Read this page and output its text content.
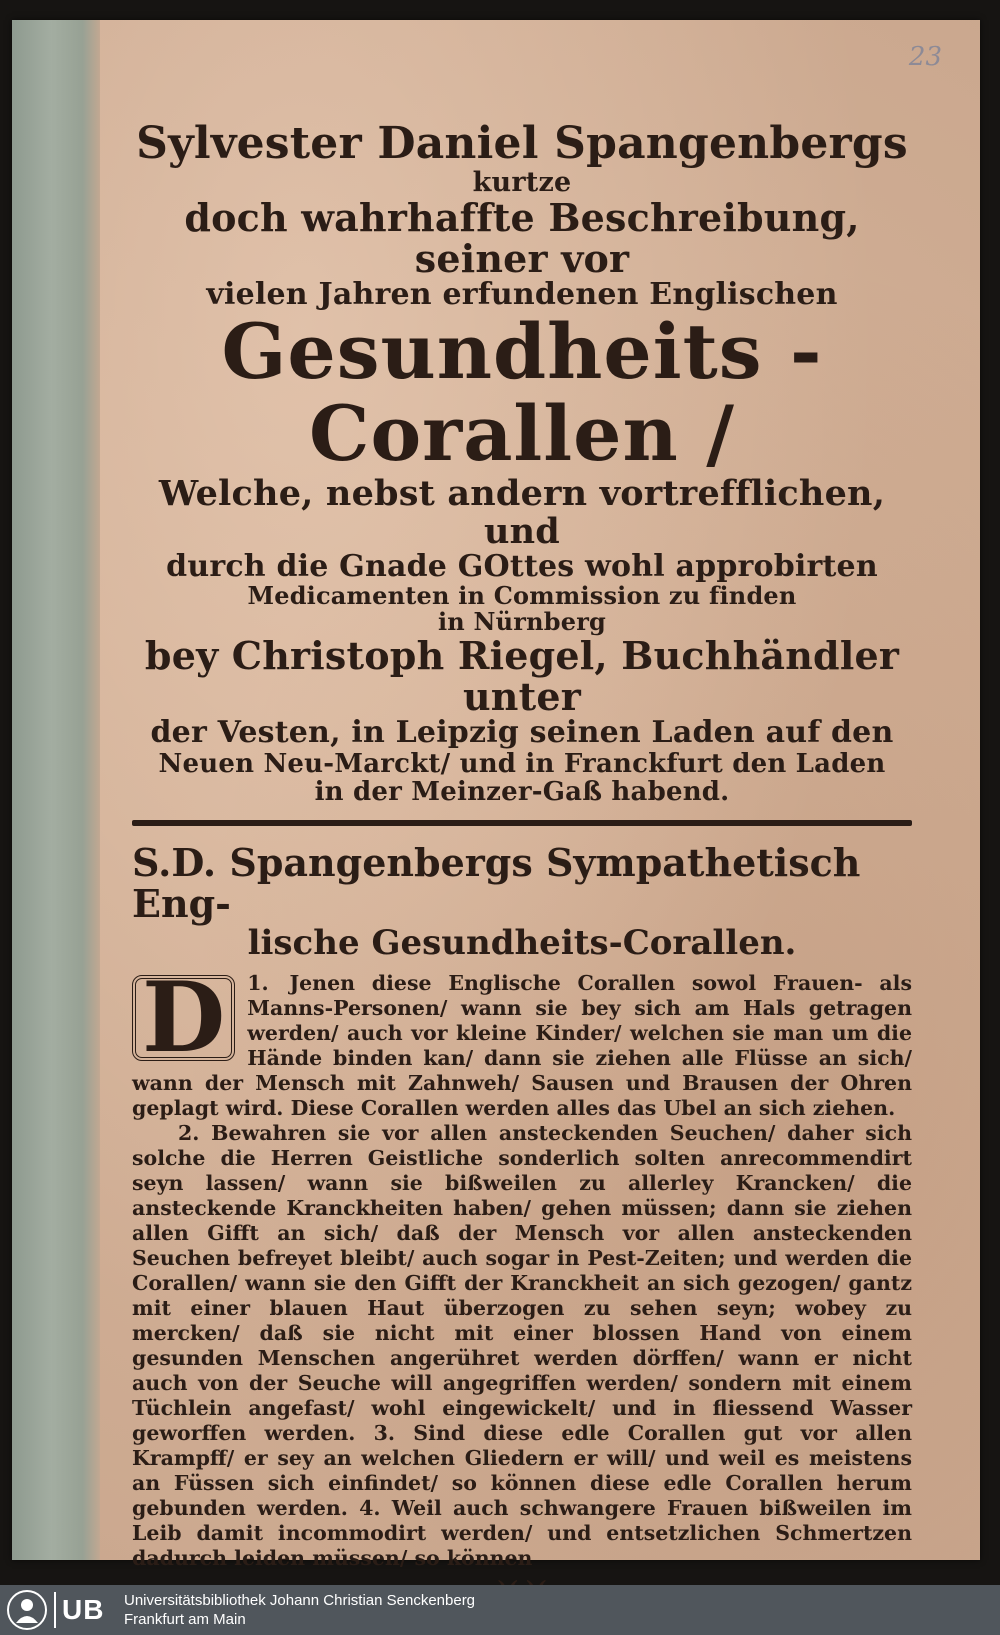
23

Sylvester Daniel Spangenbergs

kurtze

doch wahrhaffte Beschreibung, seiner vor

vielen Jahren erfundenen Englischen

Gesundheits - Corallen /

Welche, nebst andern vortrefflichen, und

durch die Gnade GOttes wohl approbirten

Medicamenten in Commission zu finden

in Nürnberg

bey Christoph Riegel, Buchhändler unter

der Vesten, in Leipzig seinen Laden auf den

Neuen Neu-Marckt/ und in Franckfurt den Laden

in der Meinzer-Gaß habend.

S.D. Spangenbergs Sympathetisch Eng-

lische Gesundheits-Corallen.

1.
D	Jenen diese Englische Corallen sowol Frauen- als Manns-Personen/ wann sie bey sich am Hals getragen werden/ auch vor kleine Kinder/ welchen sie man um die Hände binden kan/ dann sie ziehen alle Flüsse an sich/ wann der Mensch mit Zahnweh/ Sausen und Brausen der Ohren geplagt wird. Diese Corallen werden alles das Ubel an sich ziehen.

2. Bewahren sie vor allen ansteckenden Seuchen/ daher sich solche die Herren Geistliche sonderlich solten anrecommendirt seyn lassen/ wann sie bißweilen zu allerley Krancken/ die ansteckende Kranckheiten haben/ gehen müssen; dann sie ziehen allen Gifft an sich/ daß der Mensch vor allen ansteckenden Seuchen befreyet bleibt/ auch sogar in Pest-Zeiten; und werden die Corallen/ wann sie den Gifft der Kranckheit an sich gezogen/ gantz mit einer blauen Haut überzogen zu sehen seyn; wobey zu mercken/ daß sie nicht mit einer blossen Hand von einem gesunden Menschen angerühret werden dörffen/ wann er nicht auch von der Seuche will angegriffen werden/ sondern mit einem Tüchlein angefast/ wohl eingewickelt/ und in fliessend Wasser geworffen werden. 3. Sind diese edle Corallen gut vor allen Krampff/ er sey an welchen Gliedern er will/ und weil es meistens an Füssen sich einfindet/ so können diese edle Corallen herum gebunden werden. 4. Weil auch schwangere Frauen bißweilen im Leib damit incommodirt werden/ und entsetzlichen Schmertzen dadurch leiden müssen/ so können

UB Universitätsbibliothek Johann Christian Senckenberg
Frankfurt am Main
